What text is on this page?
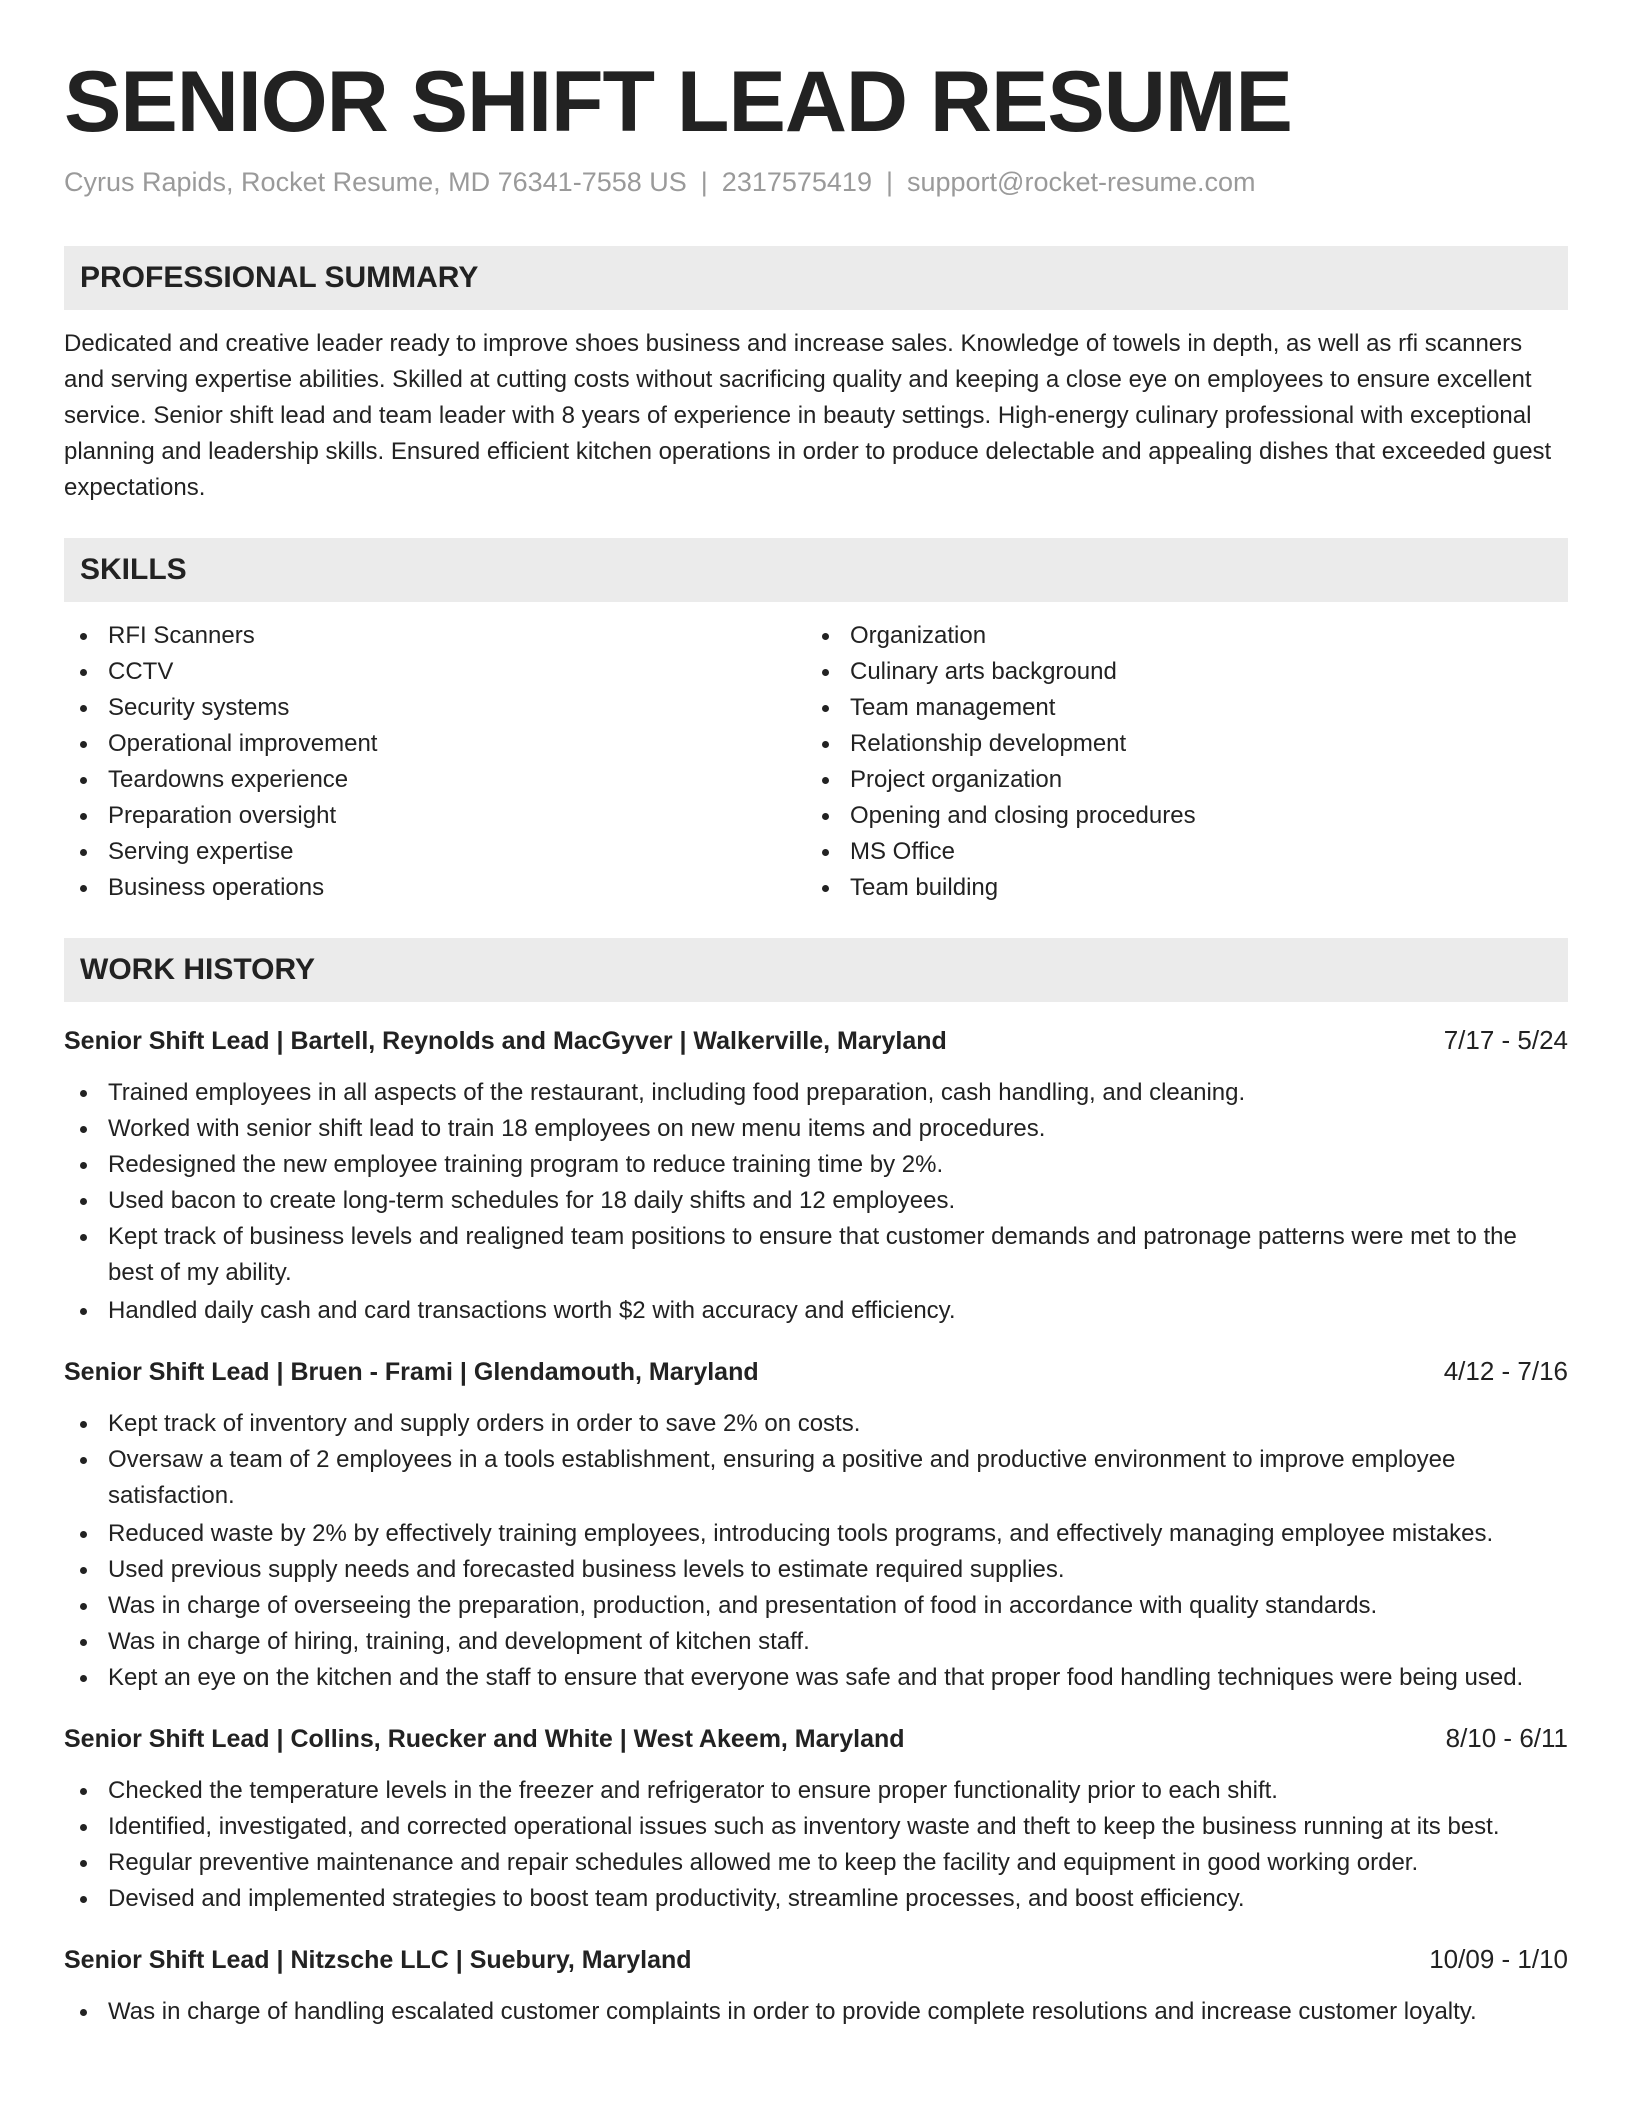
SENIOR SHIFT LEAD RESUME
Cyrus Rapids, Rocket Resume, MD 76341-7558 US | 2317575419 | support@rocket-resume.com
PROFESSIONAL SUMMARY

Dedicated and creative leader ready to improve shoes business and increase sales. Knowledge of towels in depth, as well as rfi scanners and serving expertise abilities. Skilled at cutting costs without sacrificing quality and keeping a close eye on employees to ensure excellent service. Senior shift lead and team leader with 8 years of experience in beauty settings. High-energy culinary professional with exceptional planning and leadership skills. Ensured efficient kitchen operations in order to produce delectable and appealing dishes that exceeded guest expectations.

SKILLS
RFI Scanners
CCTV
Security systems
Operational improvement
Teardowns experience
Preparation oversight
Serving expertise
Business operations
Organization
Culinary arts background
Team management
Relationship development
Project organization
Opening and closing procedures
MS Office
Team building
WORK HISTORY
Senior Shift Lead | Bartell, Reynolds and MacGyver | Walkerville, Maryland	7/17 - 5/24
Trained employees in all aspects of the restaurant, including food preparation, cash handling, and cleaning.
Worked with senior shift lead to train 18 employees on new menu items and procedures.
Redesigned the new employee training program to reduce training time by 2%.
Used bacon to create long-term schedules for 18 daily shifts and 12 employees.
Kept track of business levels and realigned team positions to ensure that customer demands and patronage patterns were met to the best of my ability.
Handled daily cash and card transactions worth $2 with accuracy and efficiency.
Senior Shift Lead | Bruen - Frami | Glendamouth, Maryland	4/12 - 7/16
Kept track of inventory and supply orders in order to save 2% on costs.
Oversaw a team of 2 employees in a tools establishment, ensuring a positive and productive environment to improve employee satisfaction.
Reduced waste by 2% by effectively training employees, introducing tools programs, and effectively managing employee mistakes.
Used previous supply needs and forecasted business levels to estimate required supplies.
Was in charge of overseeing the preparation, production, and presentation of food in accordance with quality standards.
Was in charge of hiring, training, and development of kitchen staff.
Kept an eye on the kitchen and the staff to ensure that everyone was safe and that proper food handling techniques were being used.
Senior Shift Lead | Collins, Ruecker and White | West Akeem, Maryland	8/10 - 6/11
Checked the temperature levels in the freezer and refrigerator to ensure proper functionality prior to each shift.
Identified, investigated, and corrected operational issues such as inventory waste and theft to keep the business running at its best.
Regular preventive maintenance and repair schedules allowed me to keep the facility and equipment in good working order.
Devised and implemented strategies to boost team productivity, streamline processes, and boost efficiency.
Senior Shift Lead | Nitzsche LLC | Suebury, Maryland	10/09 - 1/10
Was in charge of handling escalated customer complaints in order to provide complete resolutions and increase customer loyalty.
